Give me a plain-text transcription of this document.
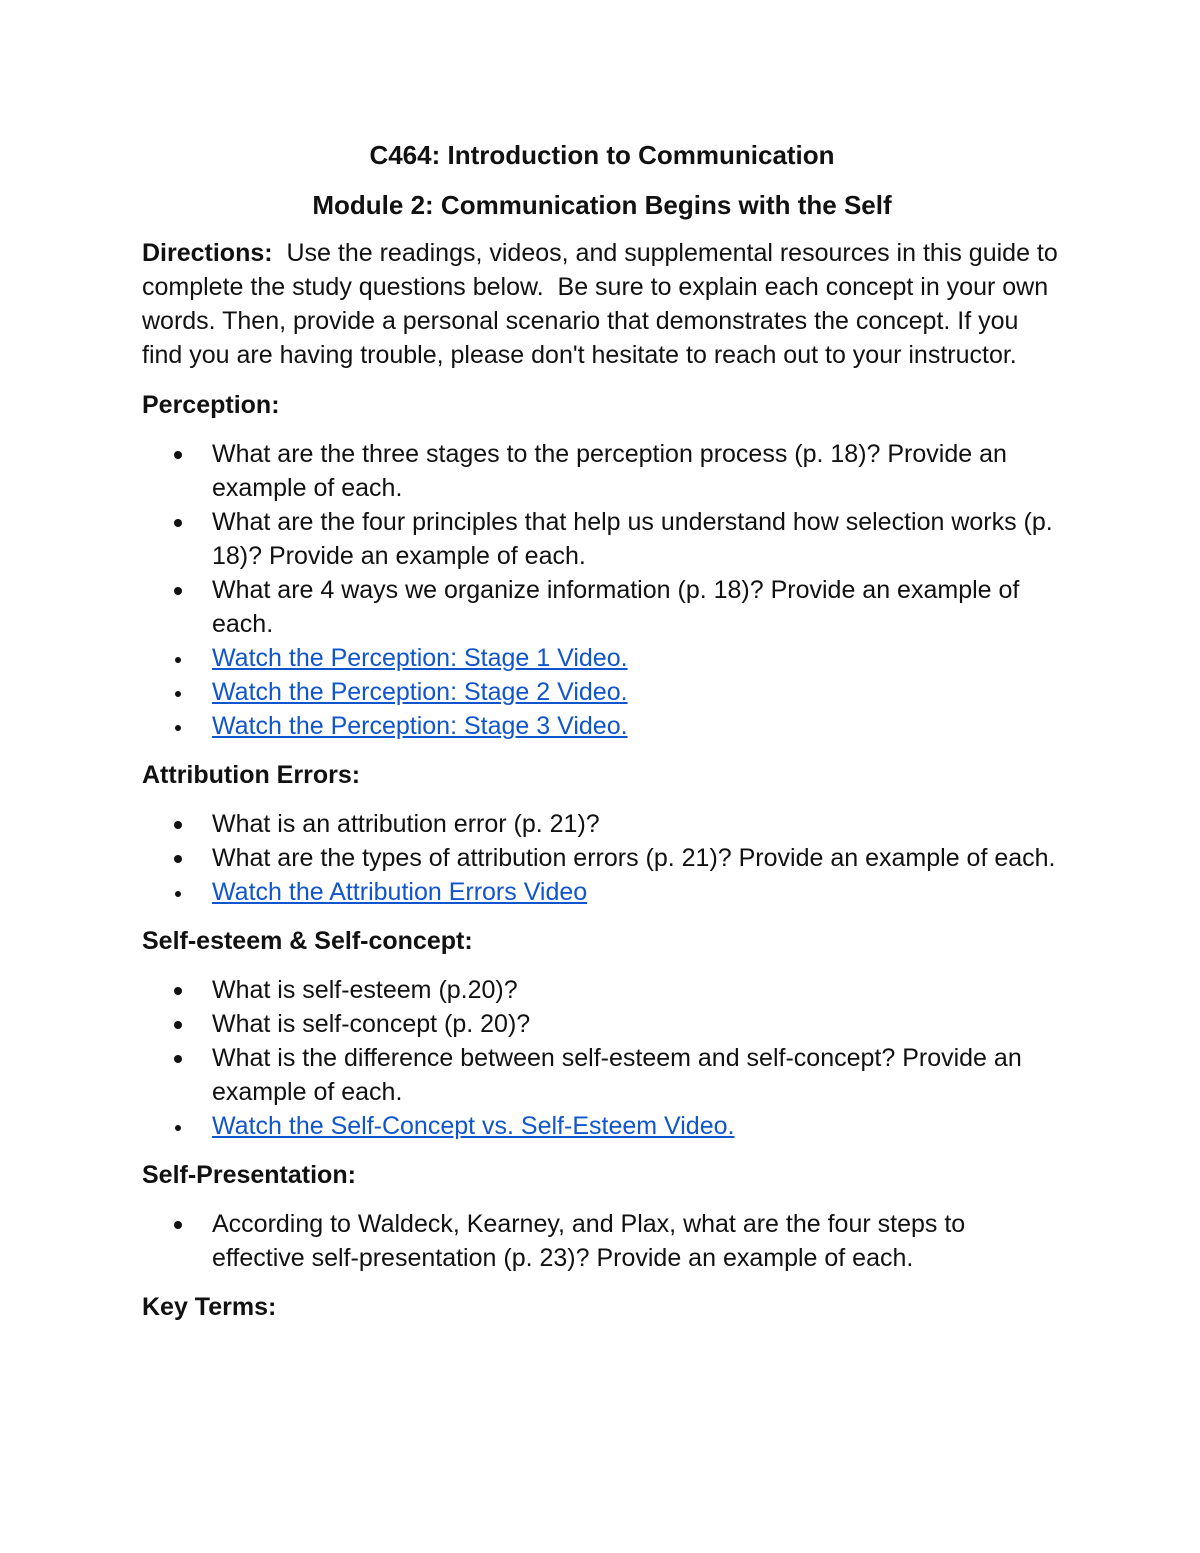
C464: Introduction to Communication

Module 2: Communication Begins with the Self

Directions:  Use the readings, videos, and supplemental resources in this guide to complete the study questions below.  Be sure to explain each concept in your own words. Then, provide a personal scenario that demonstrates the concept. If you find you are having trouble, please don't hesitate to reach out to your instructor.

Perception:

What are the three stages to the perception process (p. 18)? Provide an example of each.
What are the four principles that help us understand how selection works (p. 18)? Provide an example of each.
What are 4 ways we organize information (p. 18)? Provide an example of each.
Watch the Perception: Stage 1 Video.
Watch the Perception: Stage 2 Video.
Watch the Perception: Stage 3 Video.

Attribution Errors:

What is an attribution error (p. 21)?
What are the types of attribution errors (p. 21)? Provide an example of each.
Watch the Attribution Errors Video

Self-esteem & Self-concept:

What is self-esteem (p.20)?
What is self-concept (p. 20)?
What is the difference between self-esteem and self-concept? Provide an example of each.
Watch the Self-Concept vs. Self-Esteem Video.

Self-Presentation:

According to Waldeck, Kearney, and Plax, what are the four steps to effective self-presentation (p. 23)? Provide an example of each.

Key Terms:
